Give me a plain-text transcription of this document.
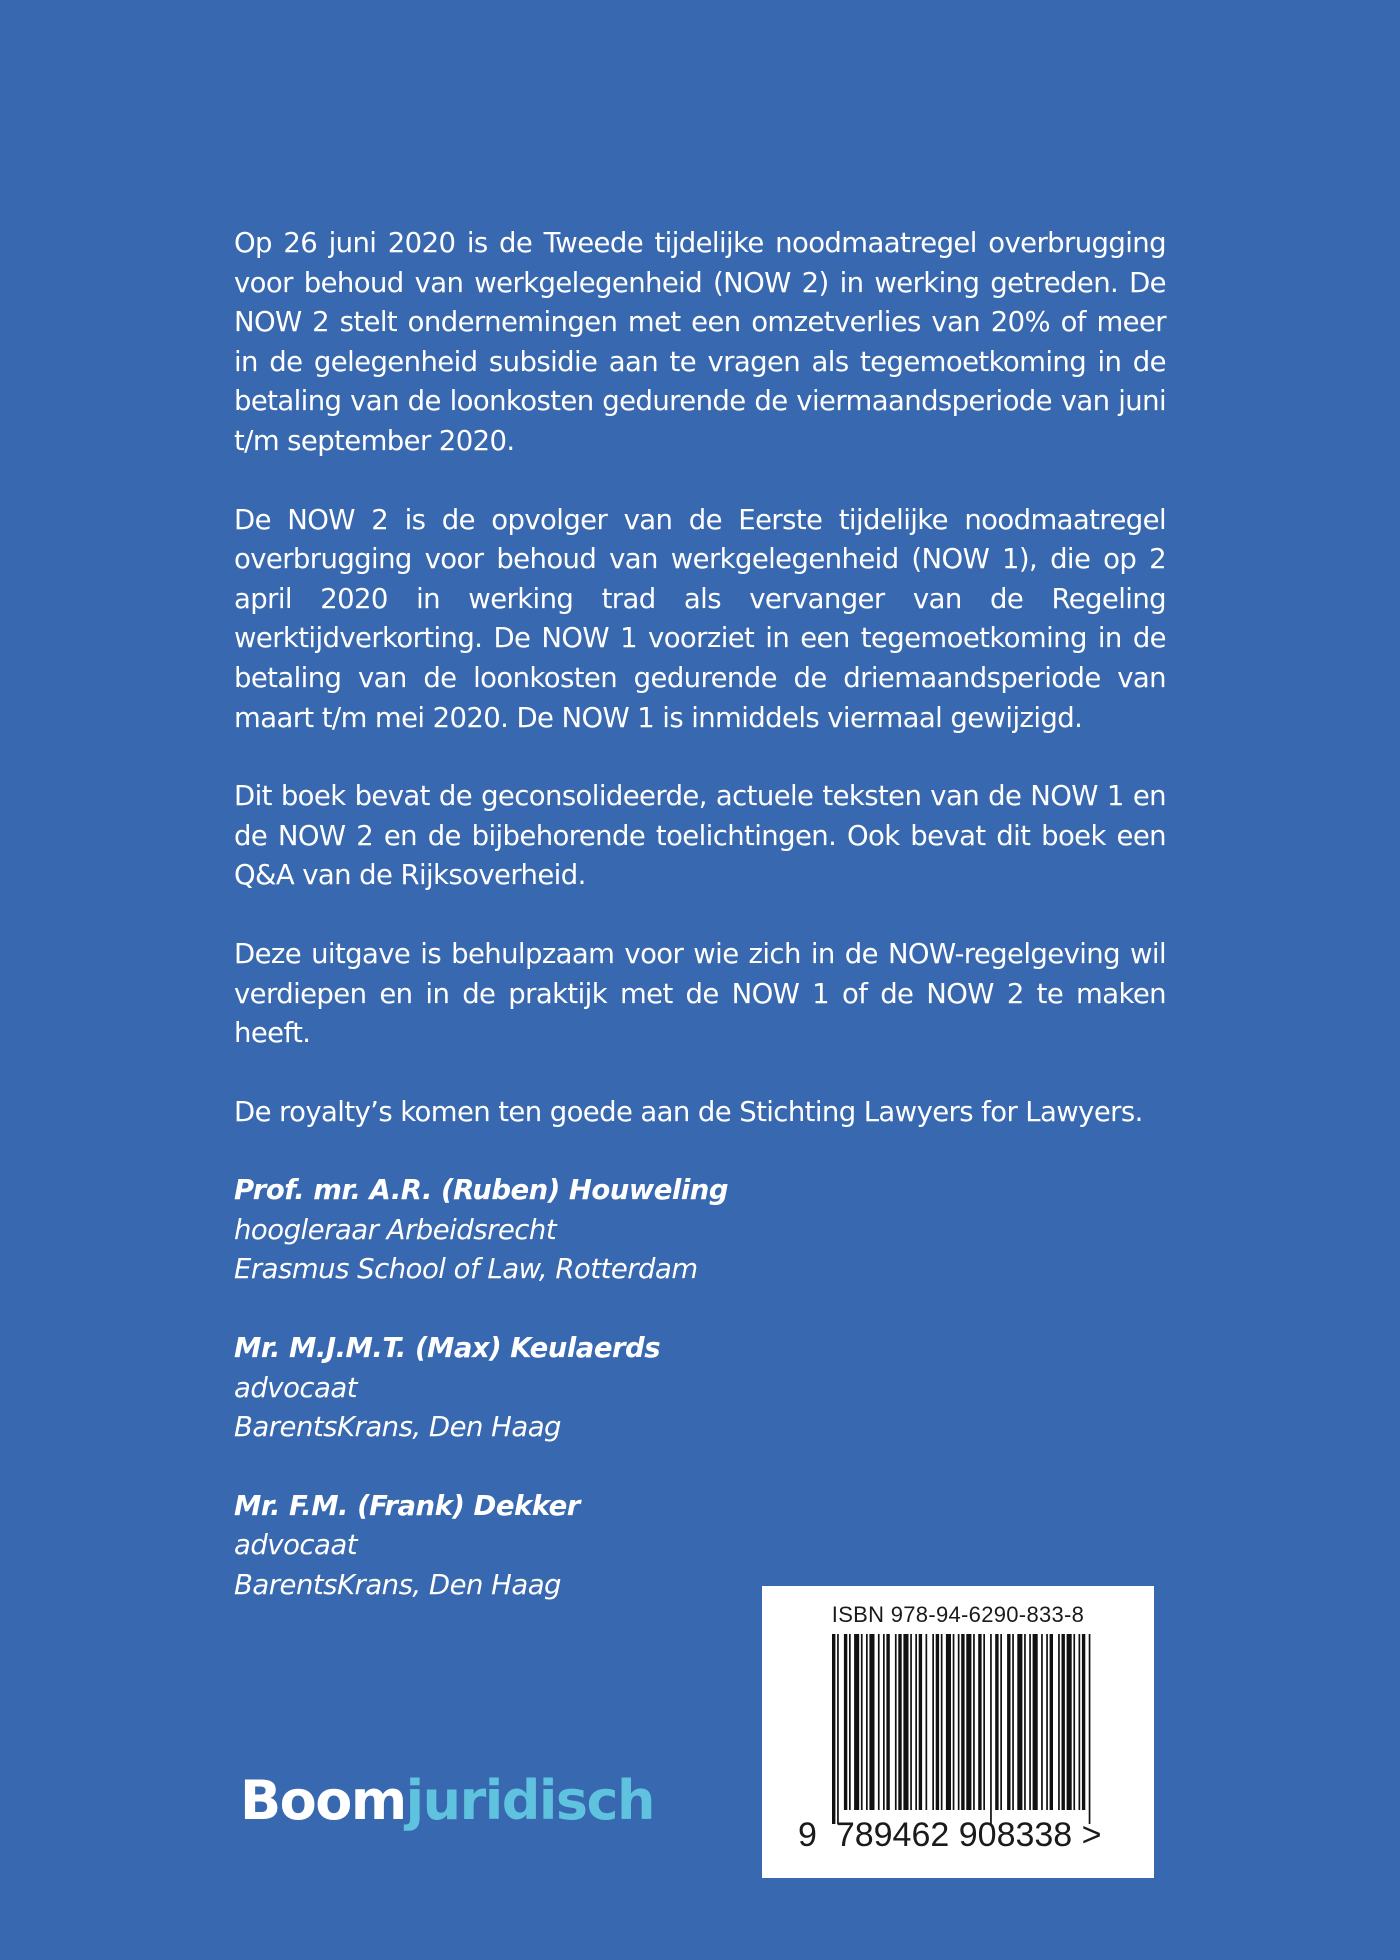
Op 26 juni 2020 is de Tweede tijdelijke noodmaatregel overbrugging voor behoud van werkgelegenheid (NOW 2) in werking getreden. De NOW 2 stelt ondernemingen met een omzetverlies van 20% of meer in de gelegenheid subsidie aan te vragen als tegemoetkoming in de betaling van de loonkosten gedurende de viermaandsperiode van juni t/m september 2020.

De NOW 2 is de opvolger van de Eerste tijdelijke noodmaatregel overbrugging voor behoud van werkgelegenheid (NOW 1), die op 2 april 2020 in werking trad als vervanger van de Regeling werktijdverkorting. De NOW 1 voorziet in een tegemoetkoming in de betaling van de loonkosten gedurende de driemaandsperiode van maart t/m mei 2020. De NOW 1 is inmiddels viermaal gewijzigd.

Dit boek bevat de geconsolideerde, actuele teksten van de NOW 1 en de NOW 2 en de bijbehorende toelichtingen. Ook bevat dit boek een Q&A van de Rijksoverheid.

Deze uitgave is behulpzaam voor wie zich in de NOW-regelgeving wil verdiepen en in de praktijk met de NOW 1 of de NOW 2 te maken heeft.

De royalty’s komen ten goede aan de Stichting Lawyers for Lawyers.

Prof. mr. A.R. (Ruben) Houweling
hoogleraar Arbeidsrecht
Erasmus School of Law, Rotterdam
Mr. M.J.M.T. (Max) Keulaerds
advocaat
BarentsKrans, Den Haag
Mr. F.M. (Frank) Dekker
advocaat
BarentsKrans, Den Haag
Boomjuridisch
ISBN 978-94-6290-833-8
9 789462 908338 >
